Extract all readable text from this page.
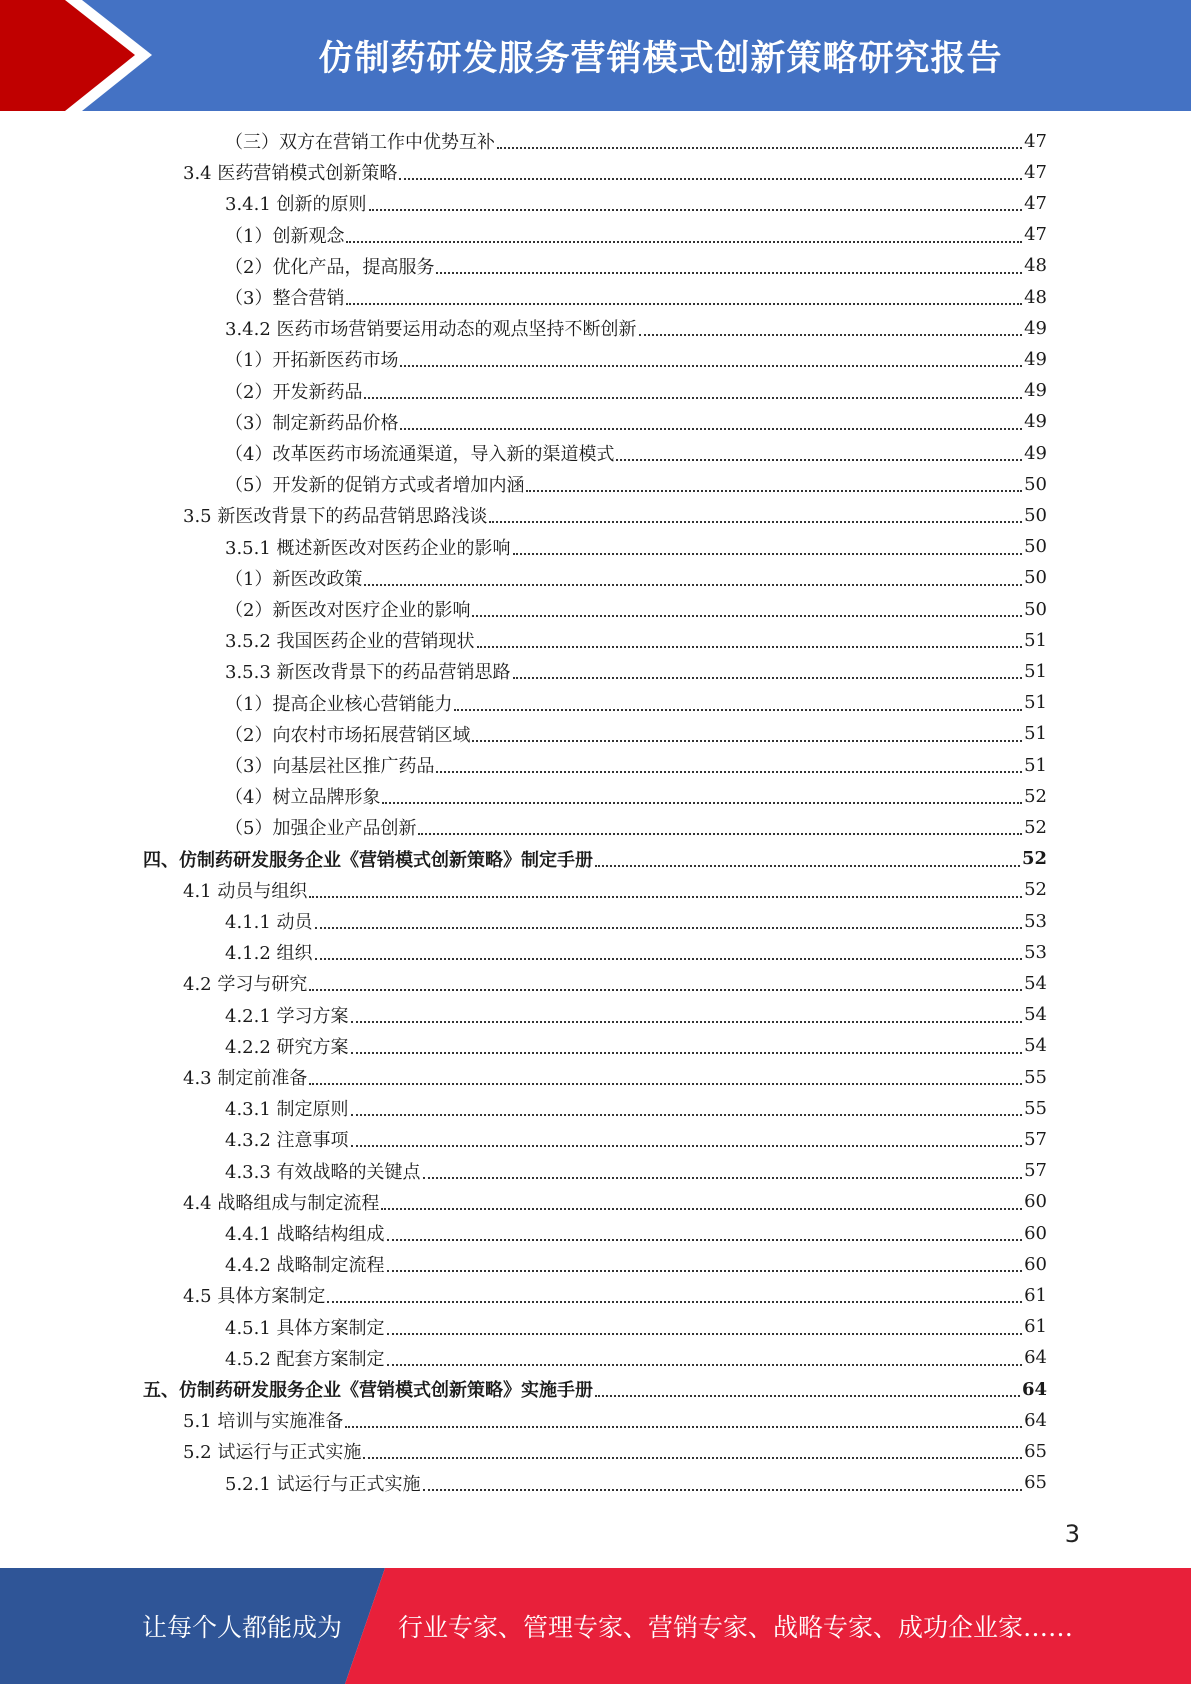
仿制药研发服务营销模式创新策略研究报告
（三）双方在营销工作中优势互补	47
3.4 医药营销模式创新策略	47
3.4.1 创新的原则	47
（1）创新观念	47
（2）优化产品，提高服务	48
（3）整合营销	48
3.4.2 医药市场营销要运用动态的观点坚持不断创新	49
（1）开拓新医药市场	49
（2）开发新药品	49
（3）制定新药品价格	49
（4）改革医药市场流通渠道，导入新的渠道模式	49
（5）开发新的促销方式或者增加内涵	50
3.5 新医改背景下的药品营销思路浅谈	50
3.5.1 概述新医改对医药企业的影响	50
（1）新医改政策	50
（2）新医改对医疗企业的影响	50
3.5.2 我国医药企业的营销现状	51
3.5.3 新医改背景下的药品营销思路	51
（1）提高企业核心营销能力	51
（2）向农村市场拓展营销区域	51
（3）向基层社区推广药品	51
（4）树立品牌形象	52
（5）加强企业产品创新	52
四、仿制药研发服务企业《营销模式创新策略》制定手册	52
4.1 动员与组织	52
4.1.1 动员	53
4.1.2 组织	53
4.2 学习与研究	54
4.2.1 学习方案	54
4.2.2 研究方案	54
4.3 制定前准备	55
4.3.1 制定原则	55
4.3.2 注意事项	57
4.3.3 有效战略的关键点	57
4.4 战略组成与制定流程	60
4.4.1 战略结构组成	60
4.4.2 战略制定流程	60
4.5 具体方案制定	61
4.5.1 具体方案制定	61
4.5.2 配套方案制定	64
五、仿制药研发服务企业《营销模式创新策略》实施手册	64
5.1 培训与实施准备	64
5.2 试运行与正式实施	65
5.2.1 试运行与正式实施	65
3
让每个人都能成为 行业专家、管理专家、营销专家、战略专家、成功企业家……
